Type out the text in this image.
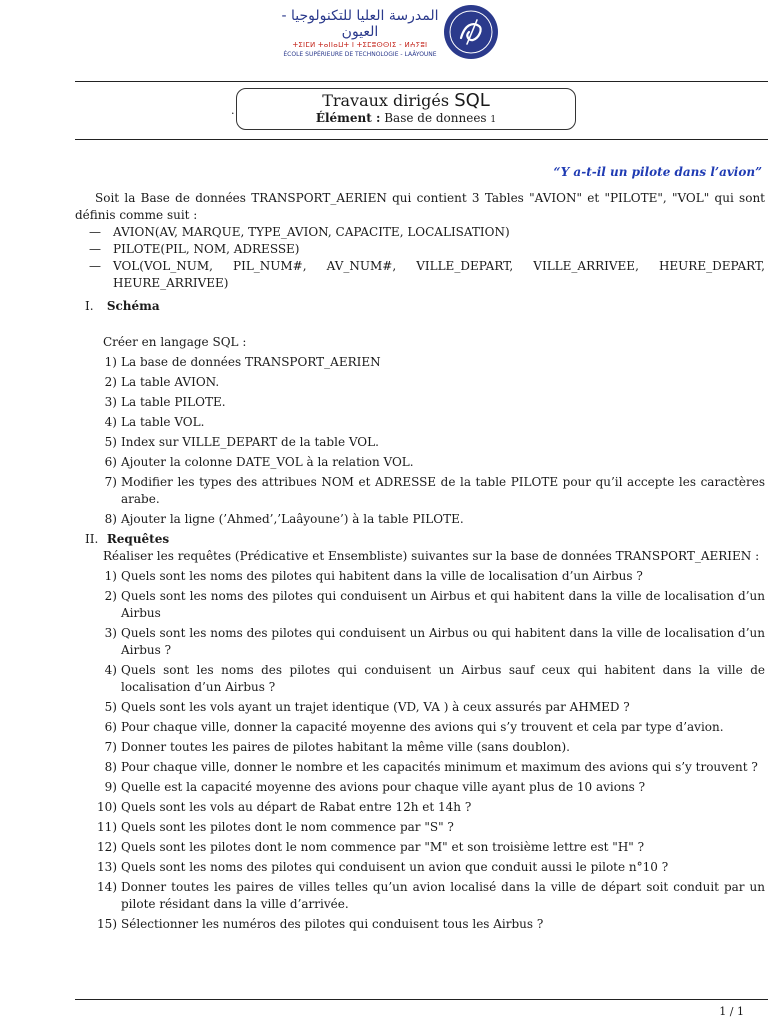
المدرسة العليا للتكنولوجيا - العيون
ⵜⵉⵏⵎⵍ ⵜⴰⵏⵏⴰⵡⵜ ⵏ ⵜⵉⵎⵓⵙⵙⵏⵉ - ⵍⵄⵢⵓⵏ
ÉCOLE SUPÉRIEURE DE TECHNOLOGIE - LAÂYOUNE
.
Travaux dirigés SQL
Élément : Base de donnees 1
“Y a-t-il un pilote dans l’avion”

Soit la Base de données TRANSPORT_AERIEN qui contient 3 Tables "AVION" et "PILOTE", "VOL" qui sont définis comme suit :

— AVION(AV, MARQUE, TYPE_AVION, CAPACITE, LOCALISATION)
— PILOTE(PIL, NOM, ADRESSE)
— VOL(VOL_NUM, PIL_NUM#, AV_NUM#, VILLE_DEPART, VILLE_ARRIVEE, HEURE_DEPART, HEURE_ARRIVEE)
I. Schéma

Créer en langage SQL :

1) La base de données TRANSPORT_AERIEN
2) La table AVION.
3) La table PILOTE.
4) La table VOL.
5) Index sur VILLE_DEPART de la table VOL.
6) Ajouter la colonne DATE_VOL à la relation VOL.
7) Modifier les types des attribues NOM et ADRESSE de la table PILOTE pour qu’il accepte les caractères arabe.
8) Ajouter la ligne (’Ahmed’,’Laâyoune’) à la table PILOTE.
II. Requêtes

Réaliser les requêtes (Prédicative et Ensembliste) suivantes sur la base de données TRANSPORT_AERIEN :

1) Quels sont les noms des pilotes qui habitent dans la ville de localisation d’un Airbus ?
2) Quels sont les noms des pilotes qui conduisent un Airbus et qui habitent dans la ville de localisation d’un Airbus
3) Quels sont les noms des pilotes qui conduisent un Airbus ou qui habitent dans la ville de localisation d’un Airbus ?
4) Quels sont les noms des pilotes qui conduisent un Airbus sauf ceux qui habitent dans la ville de localisation d’un Airbus ?
5) Quels sont les vols ayant un trajet identique (VD, VA ) à ceux assurés par AHMED ?
6) Pour chaque ville, donner la capacité moyenne des avions qui s’y trouvent et cela par type d’avion.
7) Donner toutes les paires de pilotes habitant la même ville (sans doublon).
8) Pour chaque ville, donner le nombre et les capacités minimum et maximum des avions qui s’y trouvent ?
9) Quelle est la capacité moyenne des avions pour chaque ville ayant plus de 10 avions ?
10) Quels sont les vols au départ de Rabat entre 12h et 14h ?
11) Quels sont les pilotes dont le nom commence par "S" ?
12) Quels sont les pilotes dont le nom commence par "M" et son troisième lettre est "H" ?
13) Quels sont les noms des pilotes qui conduisent un avion que conduit aussi le pilote n°10 ?
14) Donner toutes les paires de villes telles qu’un avion localisé dans la ville de départ soit conduit par un pilote résidant dans la ville d’arrivée.
15) Sélectionner les numéros des pilotes qui conduisent tous les Airbus ?
1 / 1
